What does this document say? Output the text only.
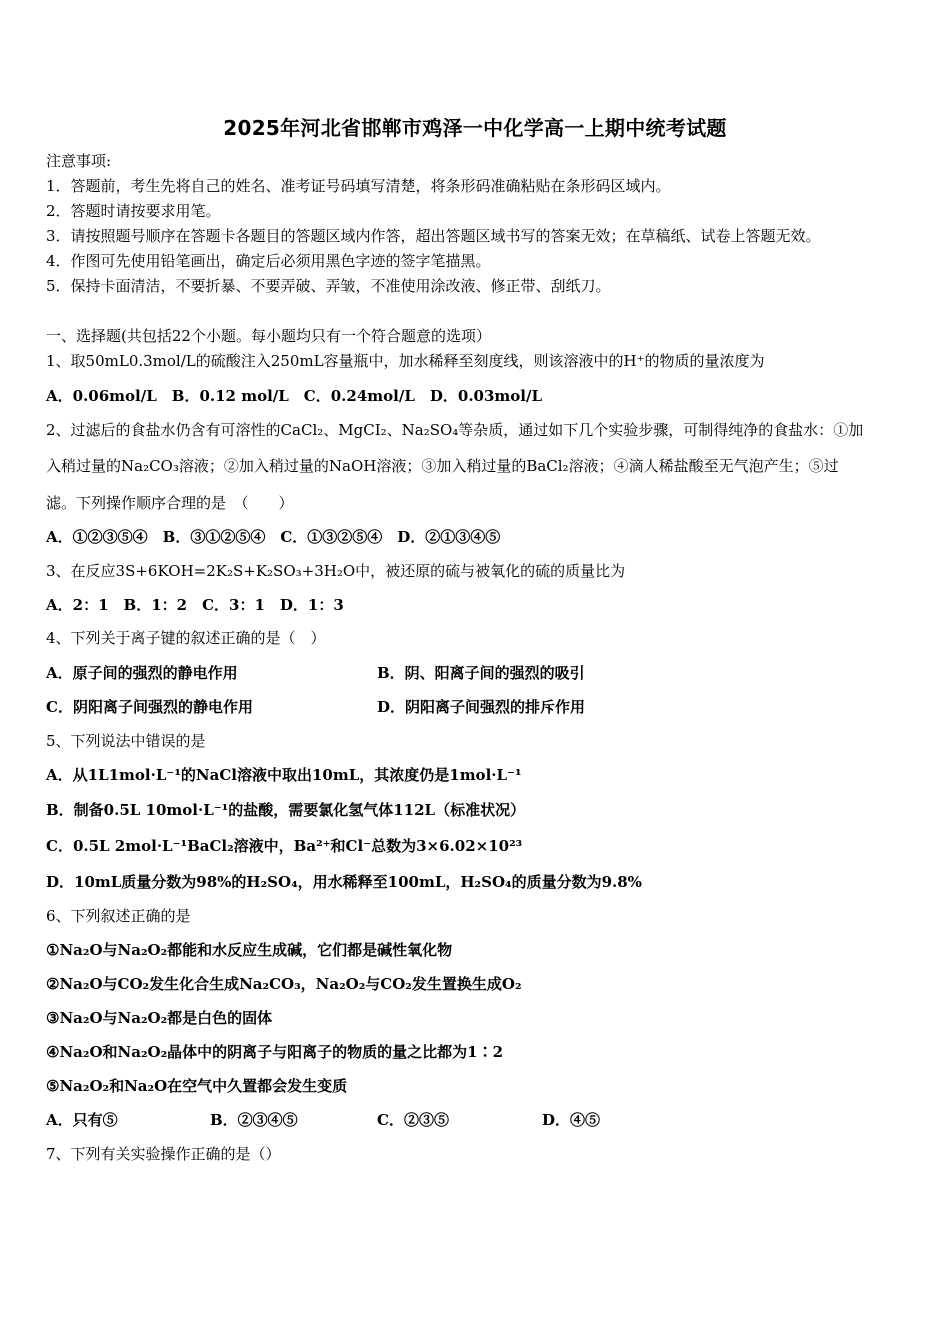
2025年河北省邯郸市鸡泽一中化学高一上期中统考试题
注意事项:
1．答题前，考生先将自己的姓名、准考证号码填写清楚，将条形码准确粘贴在条形码区域内。
2．答题时请按要求用笔。
3．请按照题号顺序在答题卡各题目的答题区域内作答，超出答题区域书写的答案无效；在草稿纸、试卷上答题无效。
4．作图可先使用铅笔画出，确定后必须用黑色字迹的签字笔描黑。
5．保持卡面清洁，不要折暴、不要弄破、弄皱，不准使用涂改液、修正带、刮纸刀。
一、选择题(共包括22个小题。每小题均只有一个符合题意的选项）
1、取50mL0.3mol/L的硫酸注入250mL容量瓶中，加水稀释至刻度线，则该溶液中的H⁺的物质的量浓度为
A．0.06mol/L　B．0.12 mol/L　C．0.24mol/L　D．0.03mol/L
2、过滤后的食盐水仍含有可溶性的CaCl₂、MgCI₂、Na₂SO₄等杂质，通过如下几个实验步骤，可制得纯净的食盐水：①加
入稍过量的Na₂CO₃溶液；②加入稍过量的NaOH溶液；③加入稍过量的BaCl₂溶液；④滴人稀盐酸至无气泡产生；⑤过
滤。下列操作顺序合理的是　（　　）
A．①②③⑤④　B．③①②⑤④　C．①③②⑤④　D．②①③④⑤
3、在反应3S+6KOH=2K₂S+K₂SO₃+3H₂O中，被还原的硫与被氧化的硫的质量比为
A．2：1　B．1：2　C．3：1　D．1：3
4、下列关于离子键的叙述正确的是（　）
A．原子间的强烈的静电作用	B．阴、阳离子间的强烈的吸引
C．阴阳离子间强烈的静电作用	D．阴阳离子间强烈的排斥作用
5、下列说法中错误的是
A．从1L1mol·L⁻¹的NaCl溶液中取出10mL，其浓度仍是1mol·L⁻¹
B．制备0.5L 10mol·L⁻¹的盐酸，需要氯化氢气体112L（标准状况）
C．0.5L 2mol·L⁻¹BaCl₂溶液中，Ba²⁺和Cl⁻总数为3×6.02×10²³
D．10mL质量分数为98%的H₂SO₄，用水稀释至100mL，H₂SO₄的质量分数为9.8%
6、下列叙述正确的是
①Na₂O与Na₂O₂都能和水反应生成碱，它们都是碱性氧化物
②Na₂O与CO₂发生化合生成Na₂CO₃，Na₂O₂与CO₂发生置换生成O₂
③Na₂O与Na₂O₂都是白色的固体
④Na₂O和Na₂O₂晶体中的阴离子与阳离子的物质的量之比都为1∶2
⑤Na₂O₂和Na₂O在空气中久置都会发生变质
A．只有⑤	B．②③④⑤	C．②③⑤	D．④⑤
7、下列有关实验操作正确的是（）
